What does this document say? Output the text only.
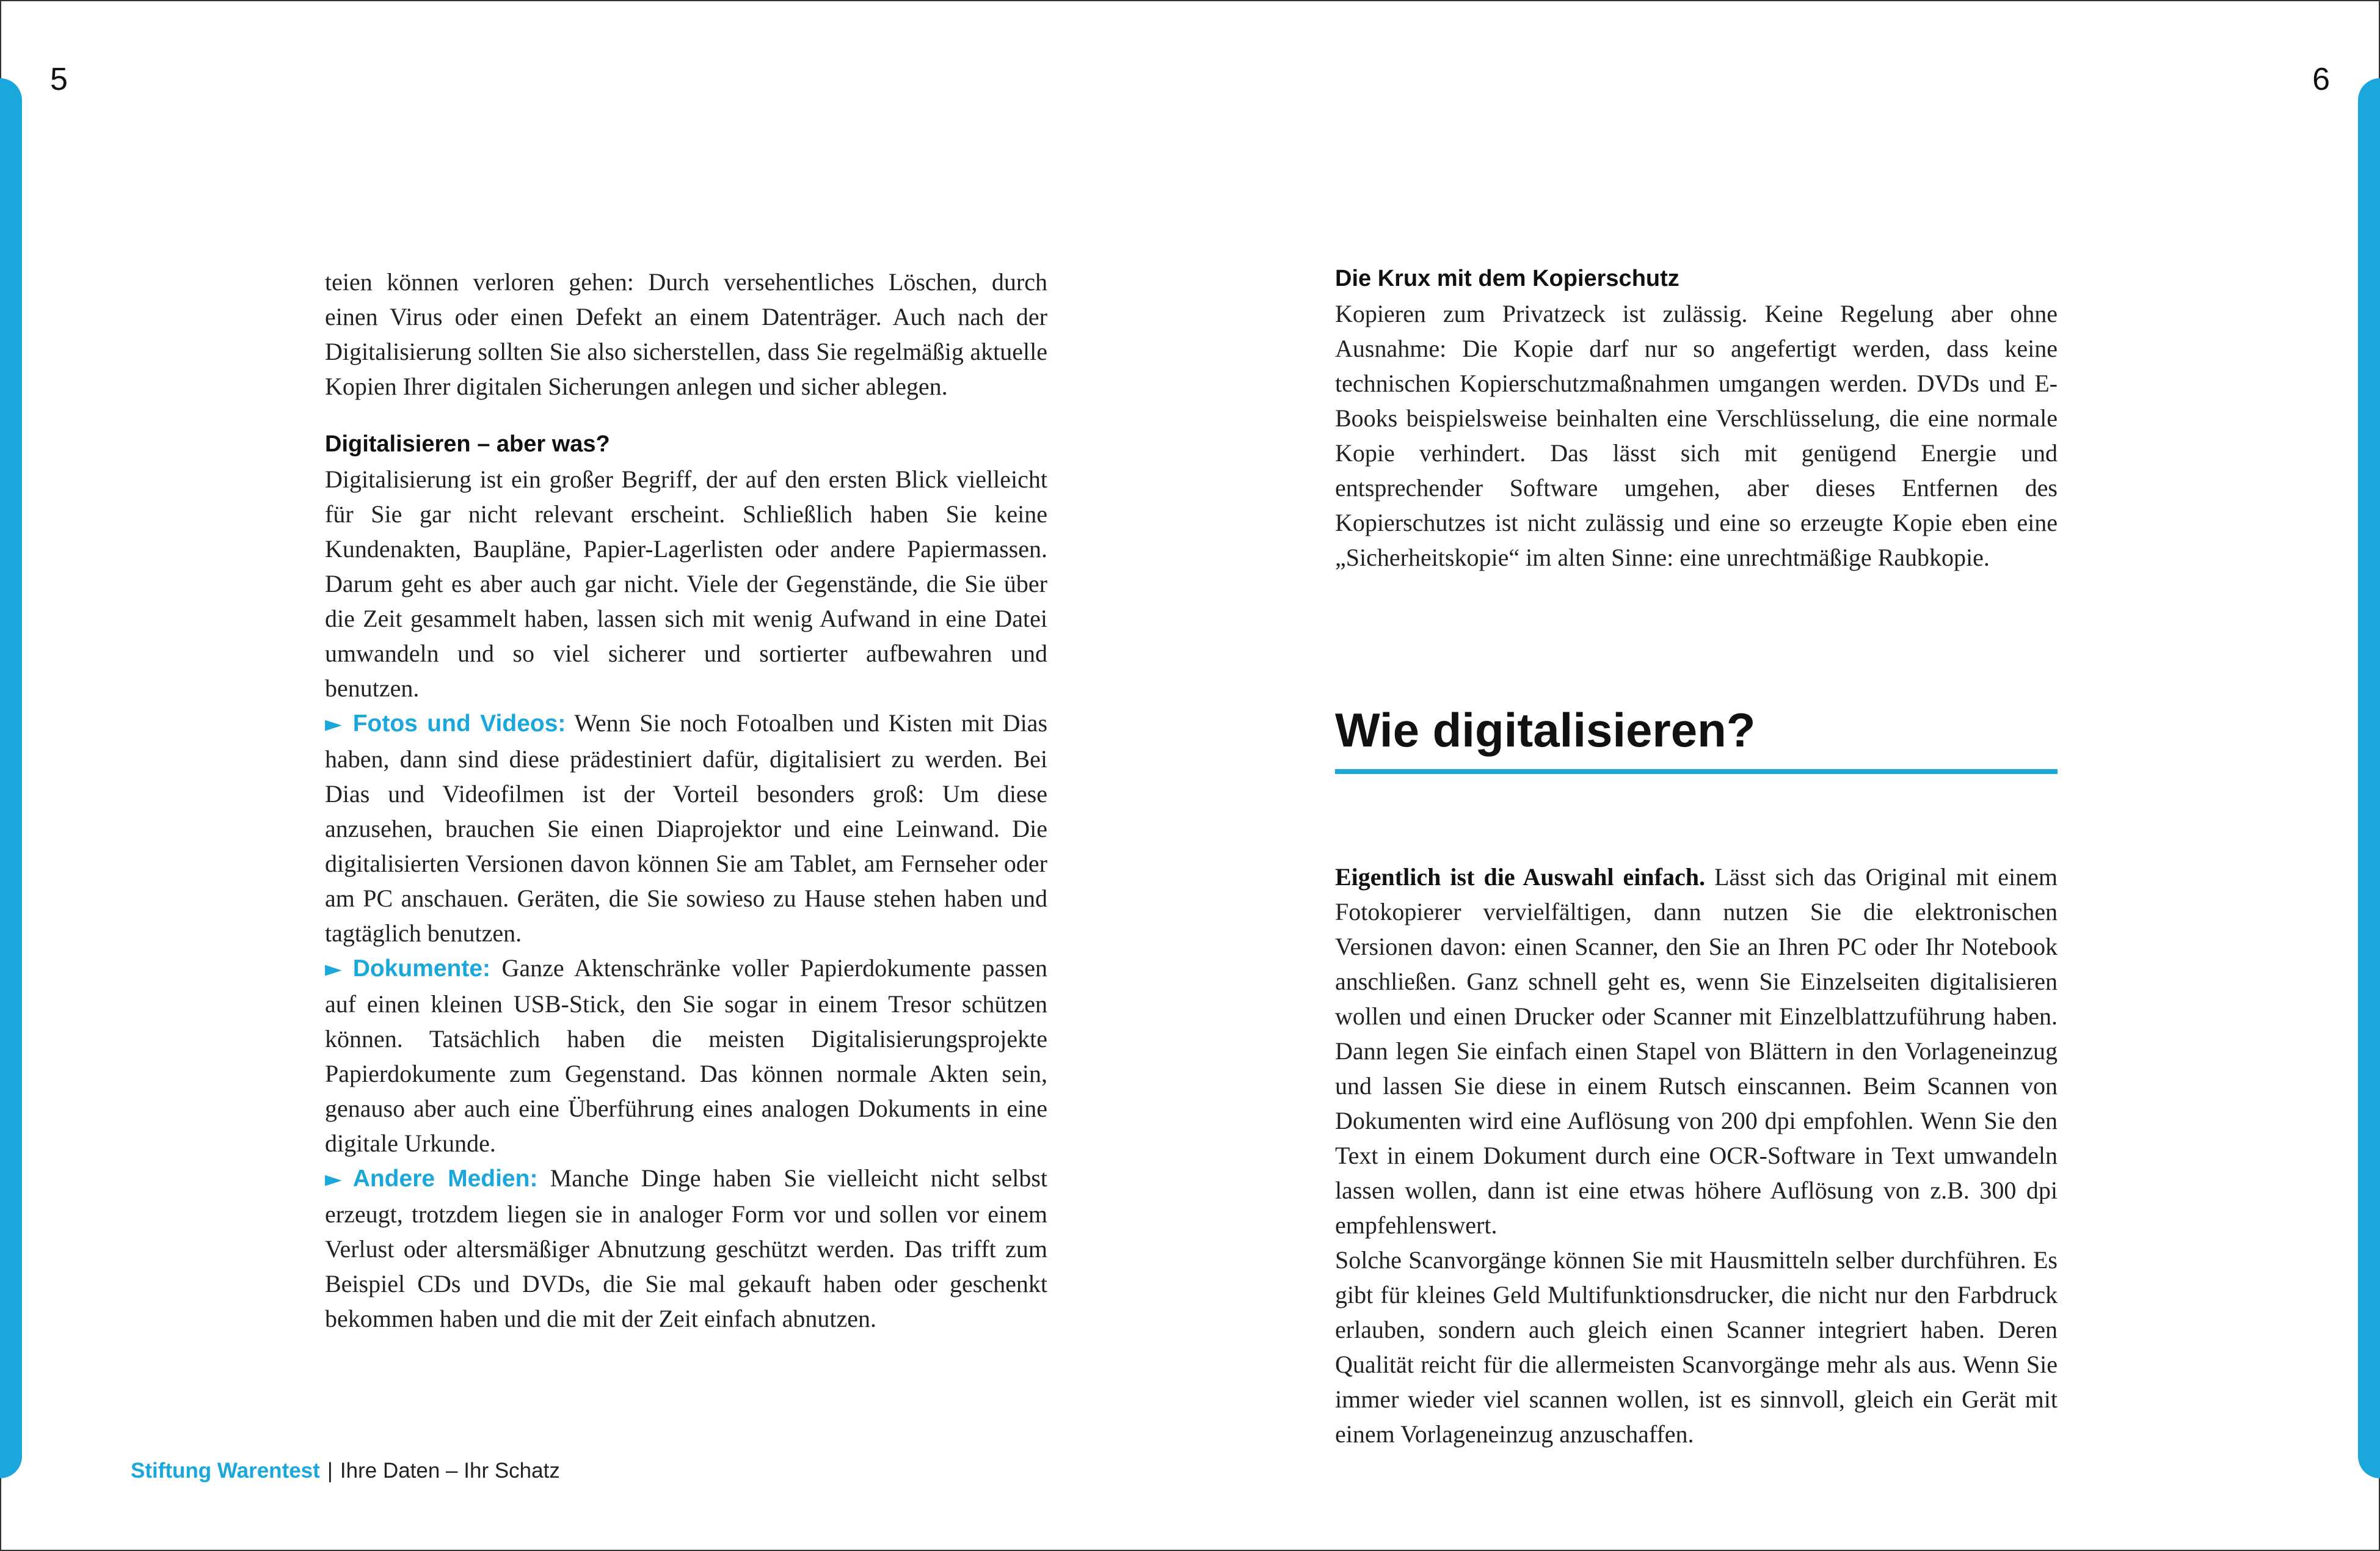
5	6

teien können verloren gehen: Durch versehentliches Löschen, durch einen Virus oder einen Defekt an einem Datenträger. Auch nach der Digitalisierung sollten Sie also sicherstellen, dass Sie regelmäßig aktuelle Kopien Ihrer digitalen Sicherungen anlegen und sicher ablegen.

Digitalisieren – aber was?

Digitalisierung ist ein großer Begriff, der auf den ersten Blick vielleicht für Sie gar nicht relevant erscheint. Schließlich haben Sie keine Kundenakten, Baupläne, Papier-Lagerlisten oder andere Papiermassen. Darum geht es aber auch gar nicht. Viele der Gegenstände, die Sie über die Zeit gesammelt haben, lassen sich mit wenig Aufwand in eine Datei umwandeln und so viel sicherer und sortierter aufbewahren und benutzen.

► Fotos und Videos: Wenn Sie noch Fotoalben und Kisten mit Dias haben, dann sind diese prädestiniert dafür, digitalisiert zu werden. Bei Dias und Videofilmen ist der Vorteil besonders groß: Um diese anzusehen, brauchen Sie einen Diaprojektor und eine Leinwand. Die digitalisierten Versionen davon können Sie am Tablet, am Fernseher oder am PC anschauen. Geräten, die Sie sowieso zu Hause stehen haben und tagtäglich benutzen.

► Dokumente: Ganze Aktenschränke voller Papierdokumente passen auf einen kleinen USB-Stick, den Sie sogar in einem Tresor schützen können. Tatsächlich haben die meisten Digitalisierungsprojekte Papierdokumente zum Gegenstand. Das können normale Akten sein, genauso aber auch eine Überführung eines analogen Dokuments in eine digitale Urkunde.

► Andere Medien: Manche Dinge haben Sie vielleicht nicht selbst erzeugt, trotzdem liegen sie in analoger Form vor und sollen vor einem Verlust oder altersmäßiger Abnutzung geschützt werden. Das trifft zum Beispiel CDs und DVDs, die Sie mal gekauft haben oder geschenkt bekommen haben und die mit der Zeit einfach abnutzen.

Die Krux mit dem Kopierschutz

Kopieren zum Privatzeck ist zulässig. Keine Regelung aber ohne Ausnahme: Die Kopie darf nur so angefertigt werden, dass keine technischen Kopierschutzmaßnahmen umgangen werden. DVDs und E-Books beispielsweise beinhalten eine Verschlüsselung, die eine normale Kopie verhindert. Das lässt sich mit genügend Energie und entsprechender Software umgehen, aber dieses Entfernen des Kopierschutzes ist nicht zulässig und eine so erzeugte Kopie eben eine „Sicherheitskopie“ im alten Sinne: eine unrechtmäßige Raubkopie.

Wie digitalisieren?

Eigentlich ist die Auswahl einfach. Lässt sich das Original mit einem Fotokopierer vervielfältigen, dann nutzen Sie die elektronischen Versionen davon: einen Scanner, den Sie an Ihren PC oder Ihr Notebook anschließen. Ganz schnell geht es, wenn Sie Einzelseiten digitalisieren wollen und einen Drucker oder Scanner mit Einzelblattzuführung haben. Dann legen Sie einfach einen Stapel von Blättern in den Vorlageneinzug und lassen Sie diese in einem Rutsch einscannen. Beim Scannen von Dokumenten wird eine Auflösung von 200 dpi empfohlen. Wenn Sie den Text in einem Dokument durch eine OCR-Software in Text umwandeln lassen wollen, dann ist eine etwas höhere Auflösung von z.B. 300 dpi empfehlenswert.

Solche Scanvorgänge können Sie mit Hausmitteln selber durchführen. Es gibt für kleines Geld Multifunktionsdrucker, die nicht nur den Farbdruck erlauben, sondern auch gleich einen Scanner integriert haben. Deren Qualität reicht für die allermeisten Scanvorgänge mehr als aus. Wenn Sie immer wieder viel scannen wollen, ist es sinnvoll, gleich ein Gerät mit einem Vorlageneinzug anzuschaffen.

Stiftung Warentest | Ihre Daten – Ihr Schatz
